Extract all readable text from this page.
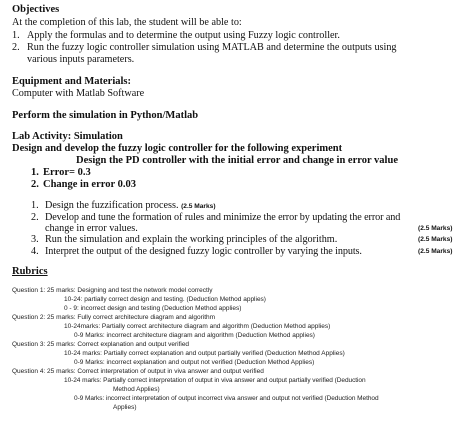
Objectives
At the completion of this lab, the student will be able to:
1. Apply the formulas and to determine the output using Fuzzy logic controller.
2. Run the fuzzy logic controller simulation using MATLAB and determine the outputs using
various inputs parameters.
Equipment and Materials:
Computer with Matlab Software
Perform the simulation in Python/Matlab
Lab Activity: Simulation
Design and develop the fuzzy logic controller for the following experiment
Design the PD controller with the initial error and change in error value
1. Error= 0.3
2. Change in error 0.03
1. Design the fuzzification process. (2.5 Marks)
2. Develop and tune the formation of rules and minimize the error by updating the error and
change in error values.	(2.5 Marks)
3. Run the simulation and explain the working principles of the algorithm.	(2.5 Marks)
4. Interpret the output of the designed fuzzy logic controller by varying the inputs.	(2.5 Marks)
Rubrics
Question 1: 25 marks: Designing and test the network model correctly
10-24: partially correct design and testing. (Deduction Method applies)
0 - 9: incorrect design and testing (Deduction Method applies)
Question 2: 25 marks: Fully correct architecture diagram and algorithm
10-24marks: Partially correct architecture diagram and algorithm (Deduction Method applies)
0-9 Marks: incorrect architecture diagram and algorithm (Deduction Method applies)
Question 3: 25 marks: Correct explanation and output verified
10-24 marks: Partially correct explanation and output partially verified (Deduction Method Applies)
0-9 Marks: incorrect explanation and output not verified (Deduction Method Applies)
Question 4: 25 marks: Correct interpretation of output in viva answer and output verified
10-24 marks: Partially correct interpretation of output in viva answer and output partially verified (Deduction
Method Applies)
0-9 Marks: incorrect interpretation of output incorrect viva answer and output not verified (Deduction Method
Applies)
